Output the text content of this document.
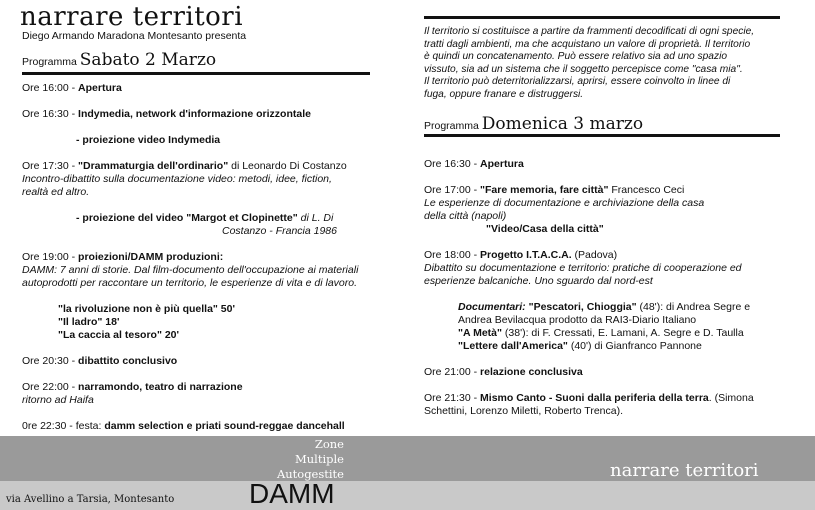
narrare territori
Diego Armando Maradona Montesanto presenta
Programma Sabato 2 Marzo
Ore 16:00 - Apertura
Ore 16:30 - Indymedia, network d'informazione orizzontale
- proiezione video Indymedia
Ore 17:30 - "Drammaturgia dell'ordinario" di Leonardo Di Costanzo
Incontro-dibattito sulla documentazione video: metodi, idee, fiction,
realtà ed altro.
- proiezione del video "Margot et Clopinette" di L. Di
Costanzo - Francia 1986
Ore 19:00 - proiezioni/DAMM produzioni:
DAMM: 7 anni di storie. Dal film-documento dell'occupazione ai materiali
autoprodotti per raccontare un territorio, le esperienze di vita e di lavoro.
"la rivoluzione non è più quella" 50'
"Il ladro" 18'
"La caccia al tesoro" 20'
Ore 20:30 - dibattito conclusivo
Ore 22:00 - narramondo, teatro di narrazione
ritorno ad Haifa
0re 22:30 - festa: damm selection e priati sound-reggae dancehall
Il territorio si costituisce a partire da frammenti decodificati di ogni specie,
tratti dagli ambienti, ma che acquistano un valore di proprietà. Il territorio
è quindi un concatenamento. Può essere relativo sia ad uno spazio
vissuto, sia ad un sistema che il soggetto percepisce come "casa mia".
Il territorio può deterritorializzarsi, aprirsi, essere coinvolto in linee di
fuga, oppure franare e distruggersi.
Programma Domenica 3 marzo
Ore 16:30 - Apertura
Ore 17:00 - "Fare memoria, fare città" Francesco Ceci
Le esperienze di documentazione e archiviazione della casa
della città (napoli)
"Video/Casa della città"
Ore 18:00 - Progetto I.T.A.C.A. (Padova)
Dibattito su documentazione e territorio: pratiche di cooperazione ed
esperienze balcaniche. Uno sguardo dal nord-est
Documentari: "Pescatori, Chioggia" (48'): di Andrea Segre e
Andrea Bevilacqua prodotto da RAI3-Diario Italiano
"A Metà" (38'): di F. Cressati, E. Lamani, A. Segre e D. Taulla
"Lettere dall'America" (40') di Gianfranco Pannone
Ore 21:00 - relazione conclusiva
Ore 21:30 - Mismo Canto - Suoni dalla periferia della terra. (Simona
Schettini, Lorenzo Miletti, Roberto Trenca).
Zone
Multiple
Autogestite
DAMM
via Avellino a Tarsia, Montesanto
narrare territori
